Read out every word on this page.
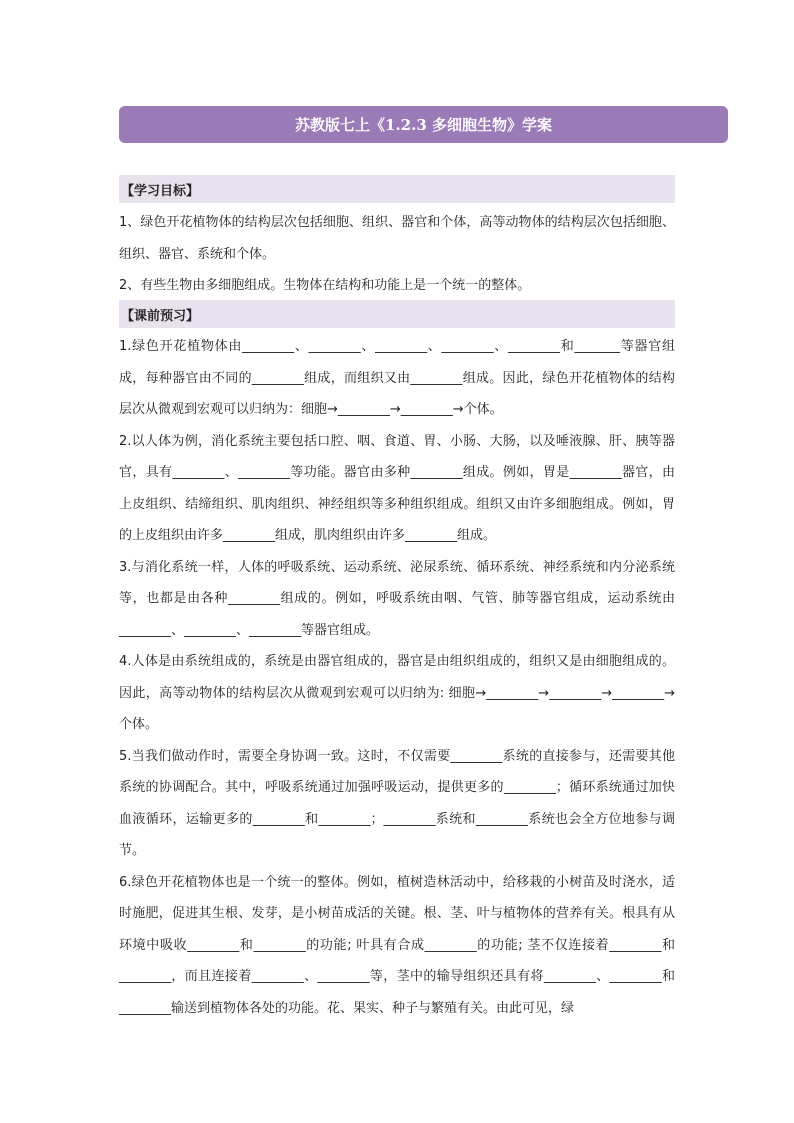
苏教版七上《1.2.3 多细胞生物》学案
【学习目标】

1、绿色开花植物体的结构层次包括细胞、组织、器官和个体，高等动物体的结构层次包括细胞、组织、器官、系统和个体。

2、有些生物由多细胞组成。生物体在结构和功能上是一个统一的整体。

【课前预习】

1.绿色开花植物体由________、________、________、________、________和_______等器官组成，每种器官由不同的________组成，而组织又由________组成。因此，绿色开花植物体的结构层次从微观到宏观可以归纳为：细胞→________→________→个体。

2.以人体为例，消化系统主要包括口腔、咽、食道、胃、小肠、大肠，以及唾液腺、肝、胰等器官，具有________、________等功能。器官由多种________组成。例如，胃是________器官，由上皮组织、结缔组织、肌肉组织、神经组织等多种组织组成。组织又由许多细胞组成。例如，胃的上皮组织由许多________组成，肌肉组织由许多________组成。

3.与消化系统一样，人体的呼吸系统、运动系统、泌尿系统、循环系统、神经系统和内分泌系统等，也都是由各种________组成的。例如，呼吸系统由咽、气管、肺等器官组成，运动系统由________、________、________等器官组成。

4.人体是由系统组成的，系统是由器官组成的，器官是由组织组成的，组织又是由细胞组成的。因此，高等动物体的结构层次从微观到宏观可以归纳为: 细胞→________→________→________→个体。

5.当我们做动作时，需要全身协调一致。这时，不仅需要________系统的直接参与，还需要其他系统的协调配合。其中，呼吸系统通过加强呼吸运动，提供更多的________；循环系统通过加快血液循环，运输更多的________和________；________系统和________系统也会全方位地参与调节。

6.绿色开花植物体也是一个统一的整体。例如，植树造林活动中，给移栽的小树苗及时浇水，适时施肥，促进其生根、发芽，是小树苗成活的关键。根、茎、叶与植物体的营养有关。根具有从环境中吸收________和________的功能; 叶具有合成________的功能; 茎不仅连接着________和________，而且连接着________、________等，茎中的输导组织还具有将________、________和________输送到植物体各处的功能。花、果实、种子与繁殖有关。由此可见，绿
